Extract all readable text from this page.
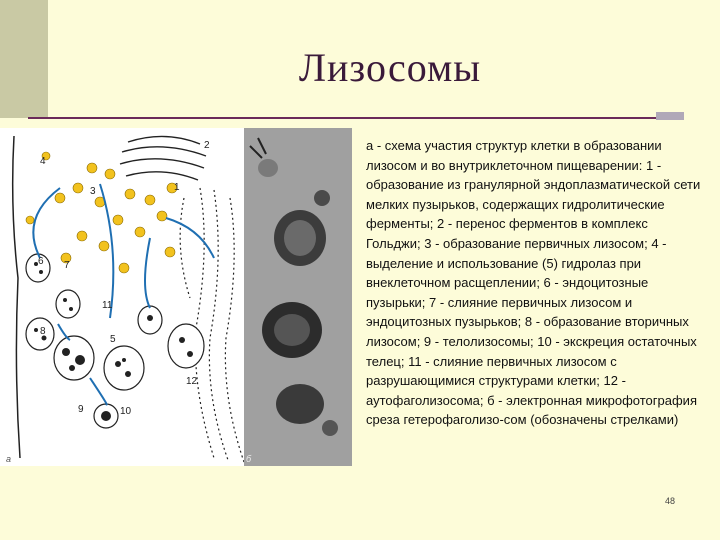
Лизосомы
1
2
3
4
5
6 7
8
9	10
11
12
а	б
а - схема участия структур клетки в образовании лизосом и во внутриклеточном пищеварении: 1 - образование из гранулярной эндоплазматической сети мелких пузырьков, содержащих гидролитические ферменты; 2 - перенос ферментов в комплекс Гольджи; 3 - образование первичных лизосом; 4 - выделение и использование (5) гидролаз при внеклеточном расщеплении; 6 - эндоцитозные пузырьки; 7 - слияние первичных лизосом и эндоцитозных пузырьков; 8 - образование вторичных лизосом; 9 - телолизосомы; 10 - экскреция остаточных телец; 11 - слияние первичных лизосом с разрушающимися структурами клетки; 12 - аутофаголизосома; б - электронная микрофотография среза гетерофаголизо-сом (обозначены стрелками)
48
